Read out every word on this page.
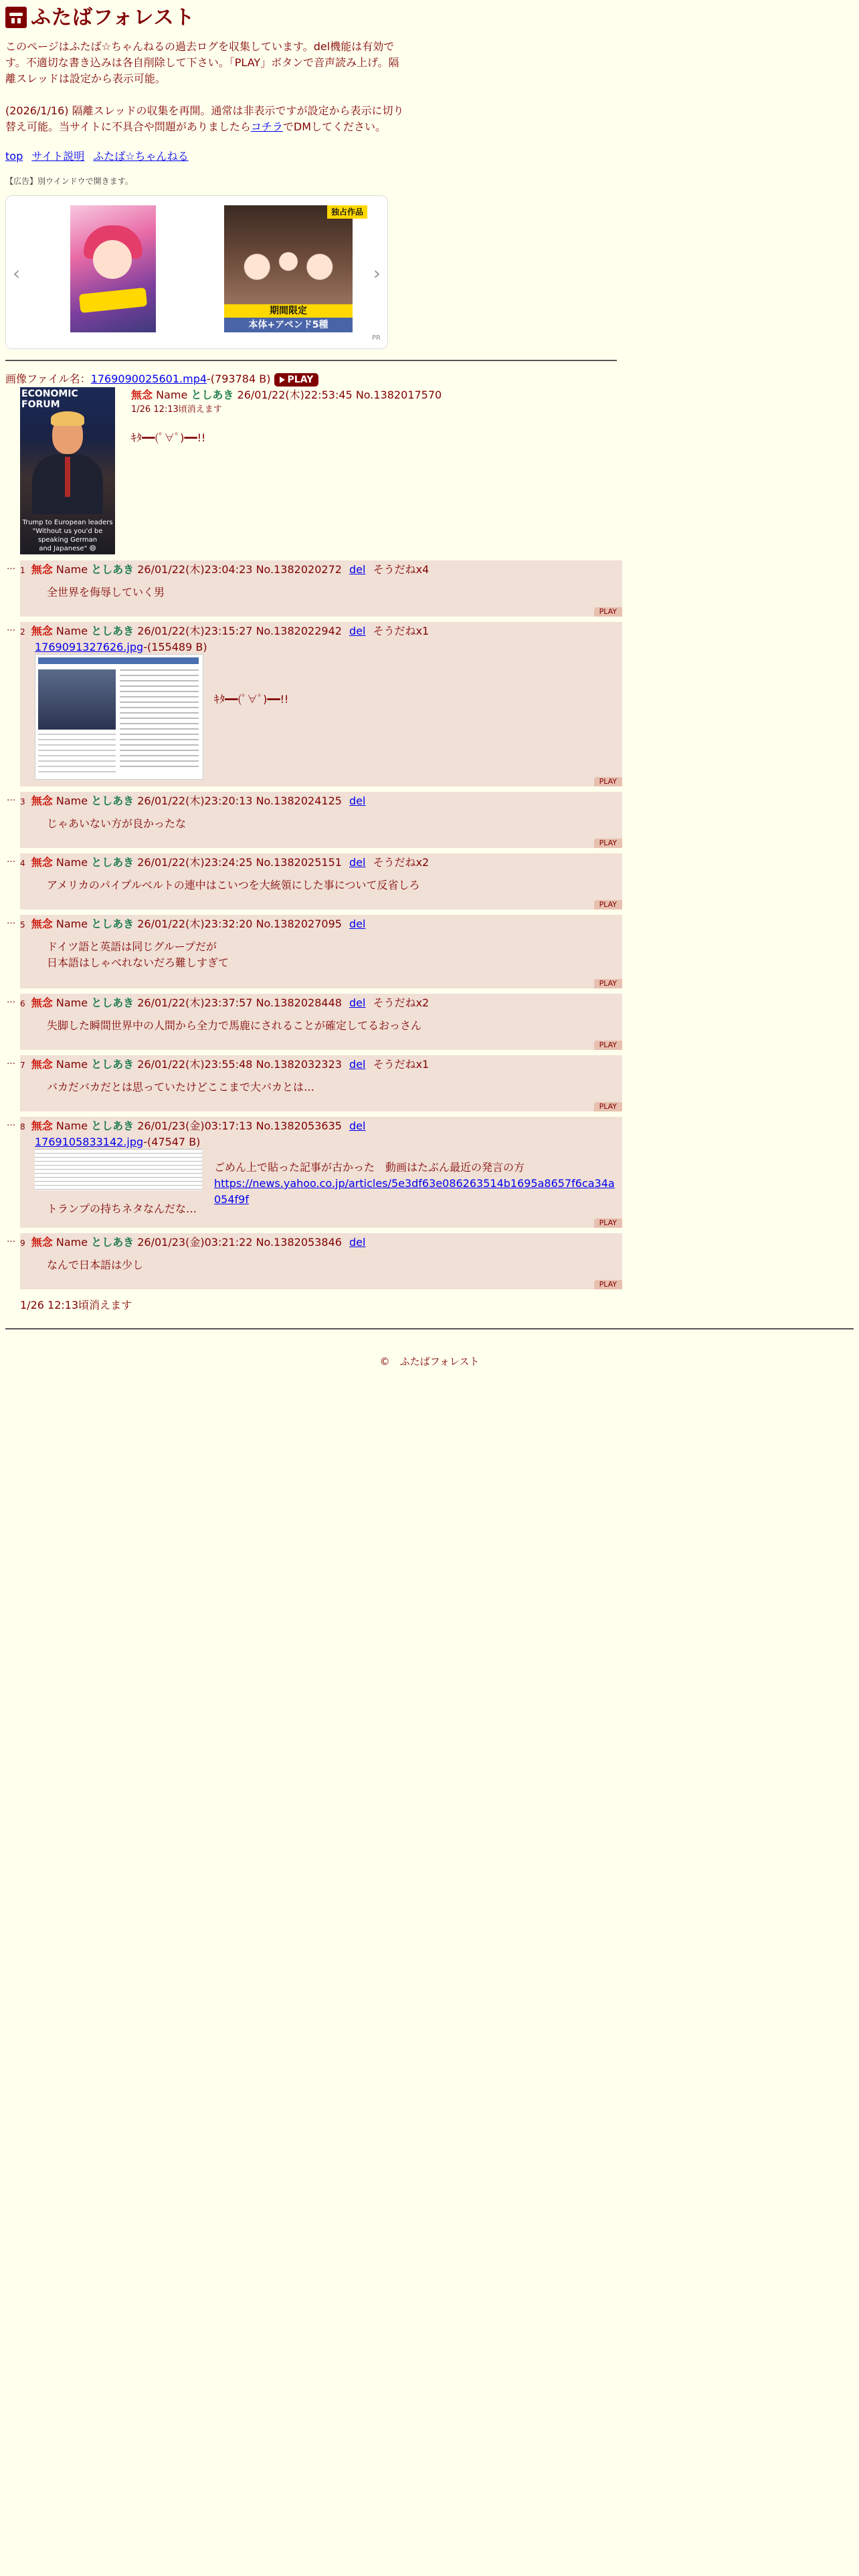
ふたばフォレスト

このページはふたば☆ちゃんねるの過去ログを収集しています。del機能は有効です。不適切な書き込みは各自削除して下さい。「PLAY」ボタンで音声読み上げ。隔離スレッドは設定から表示可能。

(2026/1/16) 隔離スレッドの収集を再開。通常は非表示ですが設定から表示に切り替え可能。当サイトに不具合や問題がありましたらコチラでDMしてください。

top サイト説明 ふたば☆ちゃんねる
【広告】別ウインドウで開きます。
‹
独占作品
期間限定
本体+アペンド5種
›
PR
画像ファイル名：1769090025601.mp4-(793784 B) PLAY
ECONOMIC
FORUM
Trump to European leaders
"Without us you'd be
speaking German
and Japanese" 😄
無念 Name としあき 26/01/22(木)22:53:45 No.1382017570
1/26 12:13頃消えます
ｷﾀ━━(ﾟ∀ﾟ)━━!!
… 1 無念 Name としあき 26/01/22(木)23:04:23 No.1382020272 del そうだねx4
全世界を侮辱していく男
PLAY
… 2 無念 Name としあき 26/01/22(木)23:15:27 No.1382022942 del そうだねx1
1769091327626.jpg-(155489 B)
ｷﾀ━━(ﾟ∀ﾟ)━━!!
PLAY
… 3 無念 Name としあき 26/01/22(木)23:20:13 No.1382024125 del
じゃあいない方が良かったな
PLAY
… 4 無念 Name としあき 26/01/22(木)23:24:25 No.1382025151 del そうだねx2
アメリカのパイプルベルトの連中はこいつを大統領にした事について反省しろ
PLAY
… 5 無念 Name としあき 26/01/22(木)23:32:20 No.1382027095 del
ドイツ語と英語は同じグループだが
日本語はしゃべれないだろ難しすぎて
PLAY
… 6 無念 Name としあき 26/01/22(木)23:37:57 No.1382028448 del そうだねx2
失脚した瞬間世界中の人間から全力で馬鹿にされることが確定してるおっさん
PLAY
… 7 無念 Name としあき 26/01/22(木)23:55:48 No.1382032323 del そうだねx1
バカだバカだとは思っていたけどここまで大バカとは…
PLAY
… 8 無念 Name としあき 26/01/23(金)03:17:13 No.1382053635 del
1769105833142.jpg-(47547 B)
ごめん上で貼った記事が古かった　動画はたぶん最近の発言の方
https://news.yahoo.co.jp/articles/5e3df63e086263514b1695a8657f6ca34a054f9f
トランプの持ちネタなんだな…
PLAY
… 9 無念 Name としあき 26/01/23(金)03:21:22 No.1382053846 del
なんで日本語は少し
PLAY
1/26 12:13頃消えます
©　ふたばフォレスト
